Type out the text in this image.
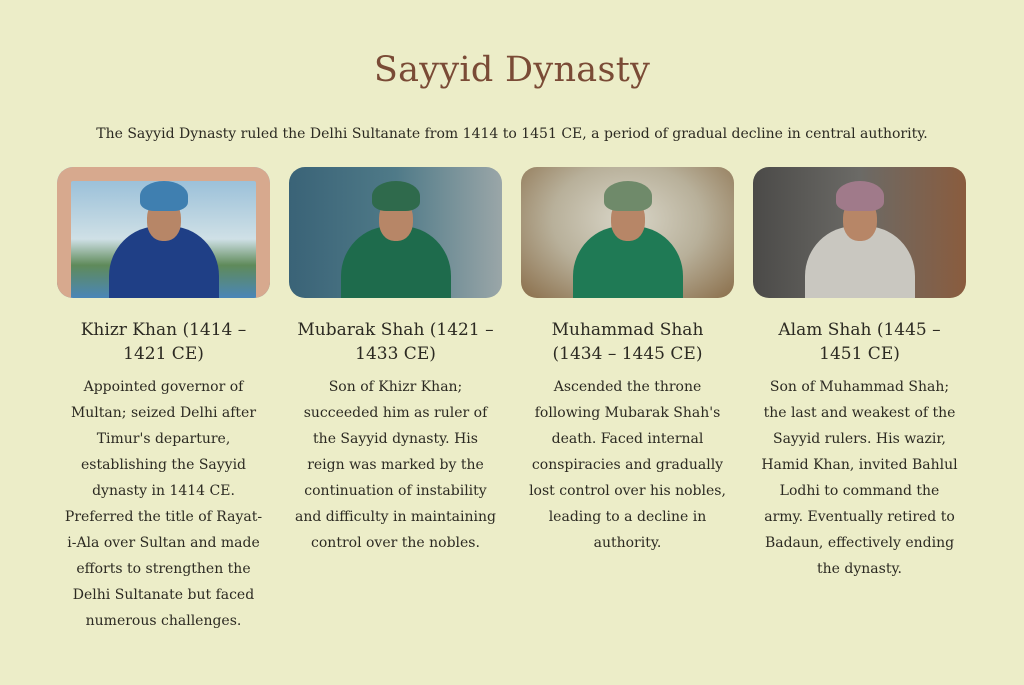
Sayyid Dynasty

The Sayyid Dynasty ruled the Delhi Sultanate from 1414 to 1451 CE, a period of gradual decline in central authority.

Khizr Khan (1414 – 1421 CE)

Appointed governor of Multan; seized Delhi after Timur's departure, establishing the Sayyid dynasty in 1414 CE. Preferred the title of Rayat-i-Ala over Sultan and made efforts to strengthen the Delhi Sultanate but faced numerous challenges.

Mubarak Shah (1421 – 1433 CE)

Son of Khizr Khan; succeeded him as ruler of the Sayyid dynasty. His reign was marked by the continuation of instability and difficulty in maintaining control over the nobles.

Muhammad Shah (1434 – 1445 CE)

Ascended the throne following Mubarak Shah's death. Faced internal conspiracies and gradually lost control over his nobles, leading to a decline in authority.

Alam Shah (1445 – 1451 CE)

Son of Muhammad Shah; the last and weakest of the Sayyid rulers. His wazir, Hamid Khan, invited Bahlul Lodhi to command the army. Eventually retired to Badaun, effectively ending the dynasty.
